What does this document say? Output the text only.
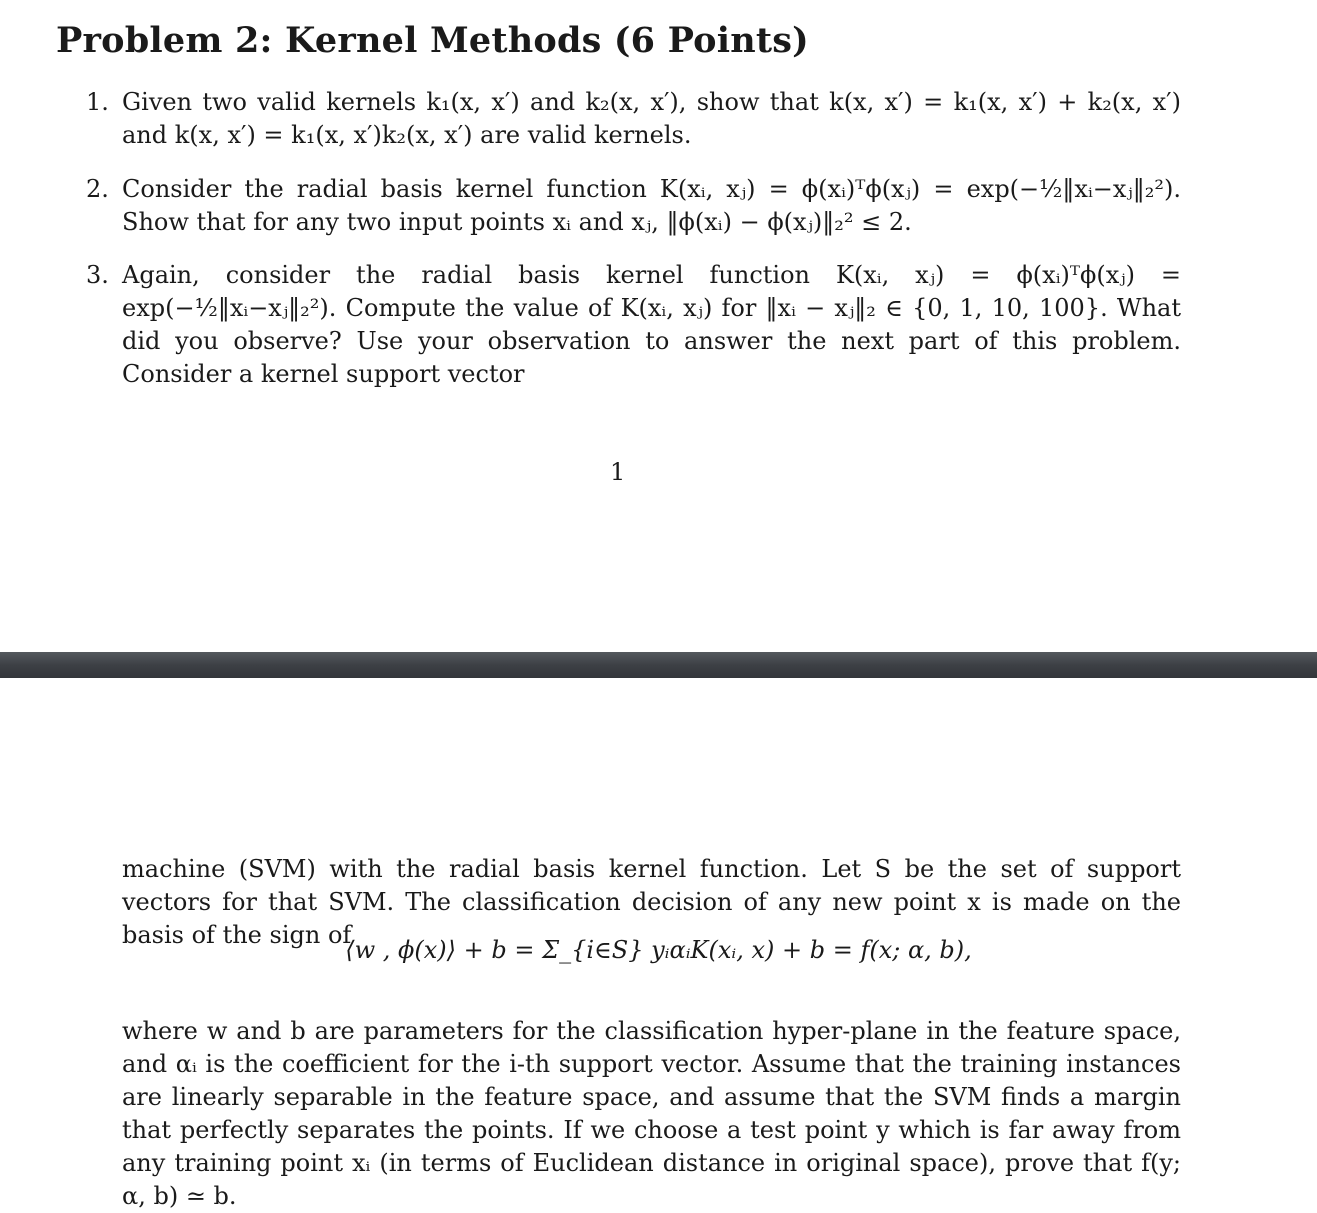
Problem 2: Kernel Methods (6 Points)
1. Given two valid kernels k₁(x, x′) and k₂(x, x′), show that k(x, x′) = k₁(x, x′) + k₂(x, x′) and k(x, x′) = k₁(x, x′)k₂(x, x′) are valid kernels.
2. Consider the radial basis kernel function K(xᵢ, xⱼ) = ϕ(xᵢ)ᵀϕ(xⱼ) = exp(−½‖xᵢ−xⱼ‖₂²). Show that for any two input points xᵢ and xⱼ, ‖ϕ(xᵢ) − ϕ(xⱼ)‖₂² ≤ 2.
3. Again, consider the radial basis kernel function K(xᵢ, xⱼ) = ϕ(xᵢ)ᵀϕ(xⱼ) = exp(−½‖xᵢ−xⱼ‖₂²). Compute the value of K(xᵢ, xⱼ) for ‖xᵢ − xⱼ‖₂ ∈ {0, 1, 10, 100}. What did you observe? Use your observation to answer the next part of this problem. Consider a kernel support vector
1
machine (SVM) with the radial basis kernel function. Let S be the set of support vectors for that SVM. The classification decision of any new point x is made on the basis of the sign of
⟨w , ϕ(x)⟩ + b = Σ_{i∈S} yᵢαᵢK(xᵢ, x) + b = f(x; α, b),
where w and b are parameters for the classification hyper-plane in the feature space, and αᵢ is the coefficient for the i-th support vector. Assume that the training instances are linearly separable in the feature space, and assume that the SVM finds a margin that perfectly separates the points. If we choose a test point y which is far away from any training point xᵢ (in terms of Euclidean distance in original space), prove that f(y; α, b) ≃ b.
